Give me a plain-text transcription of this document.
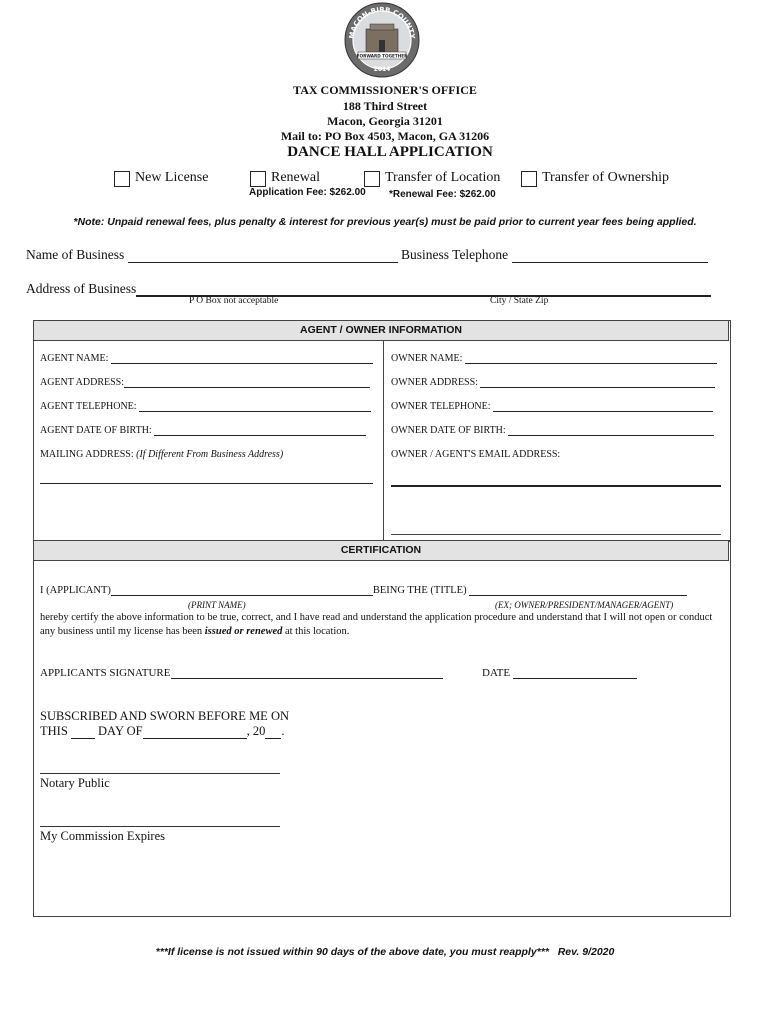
MACON-BIBB COUNTY
FORWARD TOGETHER
2014
TAX COMMISSIONER'S OFFICE
188 Third Street
Macon, Georgia 31201
Mail to: PO Box 4503, Macon, GA 31206
DANCE HALL APPLICATION
New License	Renewal	Transfer of Location	Transfer of Ownership
Application Fee: $262.00 *Renewal Fee: $262.00
*Note: Unpaid renewal fees, plus penalty & interest for previous year(s) must be paid prior to current year fees being applied.
Name of Business	Business Telephone
Address of Business
P O Box not acceptable	City / State Zip
AGENT / OWNER INFORMATION
AGENT NAME:
AGENT ADDRESS:
AGENT TELEPHONE:
AGENT DATE OF BIRTH:
MAILING ADDRESS: (If Different From Business Address)
OWNER NAME:
OWNER ADDRESS:
OWNER TELEPHONE:
OWNER DATE OF BIRTH:
OWNER / AGENT'S EMAIL ADDRESS:
CERTIFICATION
I (APPLICANT)	BEING THE (TITLE)
(PRINT NAME)	(EX; OWNER/PRESIDENT/MANAGER/AGENT)
hereby certify the above information to be true, correct, and I have read and understand the application procedure and understand that I will not open or conduct any business until my license has been issued or renewed at this location.
APPLICANTS SIGNATURE	DATE
SUBSCRIBED AND SWORN BEFORE ME ON
THIS DAY OF	, 20 .
Notary Public
My Commission Expires
***If license is not issued within 90 days of the above date, you must reapply*** Rev. 9/2020
